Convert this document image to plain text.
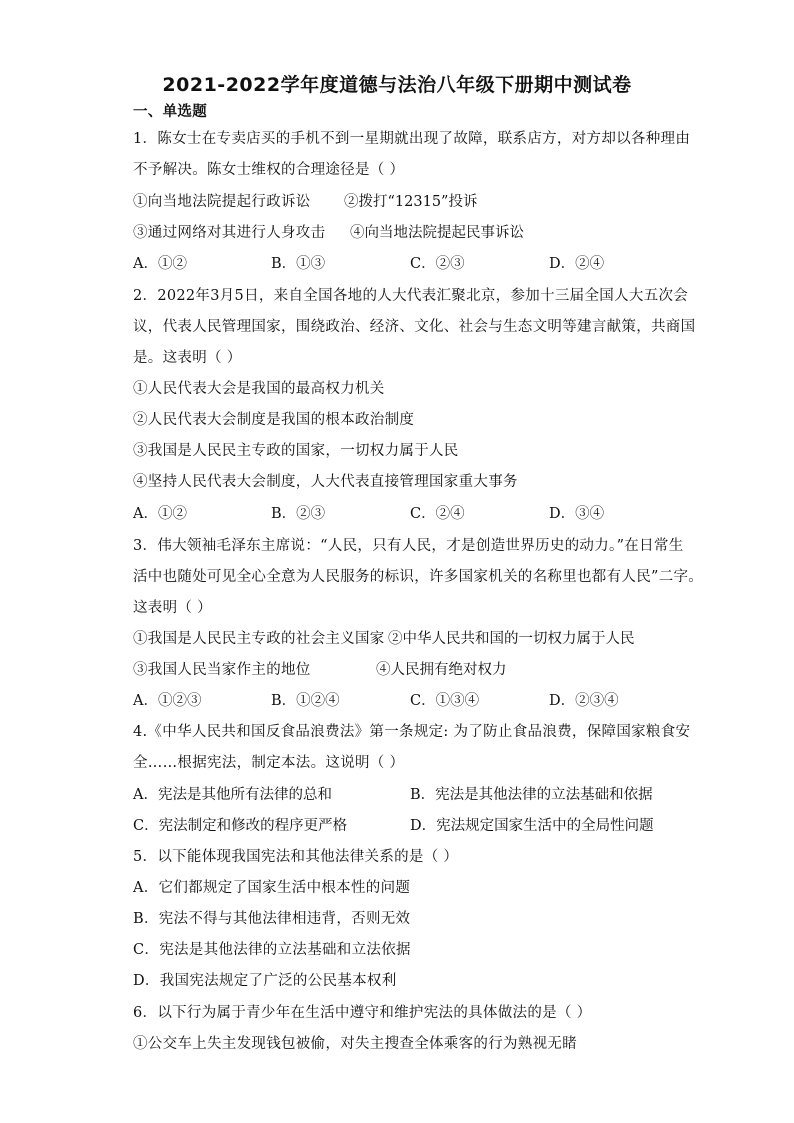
2021-2022学年度道德与法治八年级下册期中测试卷
一、单选题
1．陈女士在专卖店买的手机不到一星期就出现了故障，联系店方，对方却以各种理由
不予解决。陈女士维权的合理途径是（ ）
①向当地法院提起行政诉讼 ②拨打“12315”投诉
③通过网络对其进行人身攻击 ④向当地法院提起民事诉讼
A．①②	B．①③	C．②③	D．②④
2．2022年3月5日，来自全国各地的人大代表汇聚北京，参加十三届全国人大五次会
议，代表人民管理国家，围绕政治、经济、文化、社会与生态文明等建言献策，共商国
是。这表明（ ）
①人民代表大会是我国的最高权力机关
②人民代表大会制度是我国的根本政治制度
③我国是人民民主专政的国家，一切权力属于人民
④坚持人民代表大会制度，人大代表直接管理国家重大事务
A．①②	B．②③	C．②④	D．③④
3．伟大领袖毛泽东主席说：“人民，只有人民，才是创造世界历史的动力。”在日常生
活中也随处可见全心全意为人民服务的标识，许多国家机关的名称里也都有人民”二字。
这表明（ ）
①我国是人民民主专政的社会主义国家 ②中华人民共和国的一切权力属于人民
③我国人民当家作主的地位	④人民拥有绝对权力
A．①②③	B．①②④	C．①③④	D．②③④
4.《中华人民共和国反食品浪费法》第一条规定: 为了防止食品浪费，保障国家粮食安
全……根据宪法，制定本法。这说明（ ）
A．宪法是其他所有法律的总和	B．宪法是其他法律的立法基础和依据
C．宪法制定和修改的程序更严格	D．宪法规定国家生活中的全局性问题
5．以下能体现我国宪法和其他法律关系的是（ ）
A．它们都规定了国家生活中根本性的问题
B．宪法不得与其他法律相违背，否则无效
C．宪法是其他法律的立法基础和立法依据
D．我国宪法规定了广泛的公民基本权利
6．以下行为属于青少年在生活中遵守和维护宪法的具体做法的是（ ）
①公交车上失主发现钱包被偷，对失主搜查全体乘客的行为熟视无睹
